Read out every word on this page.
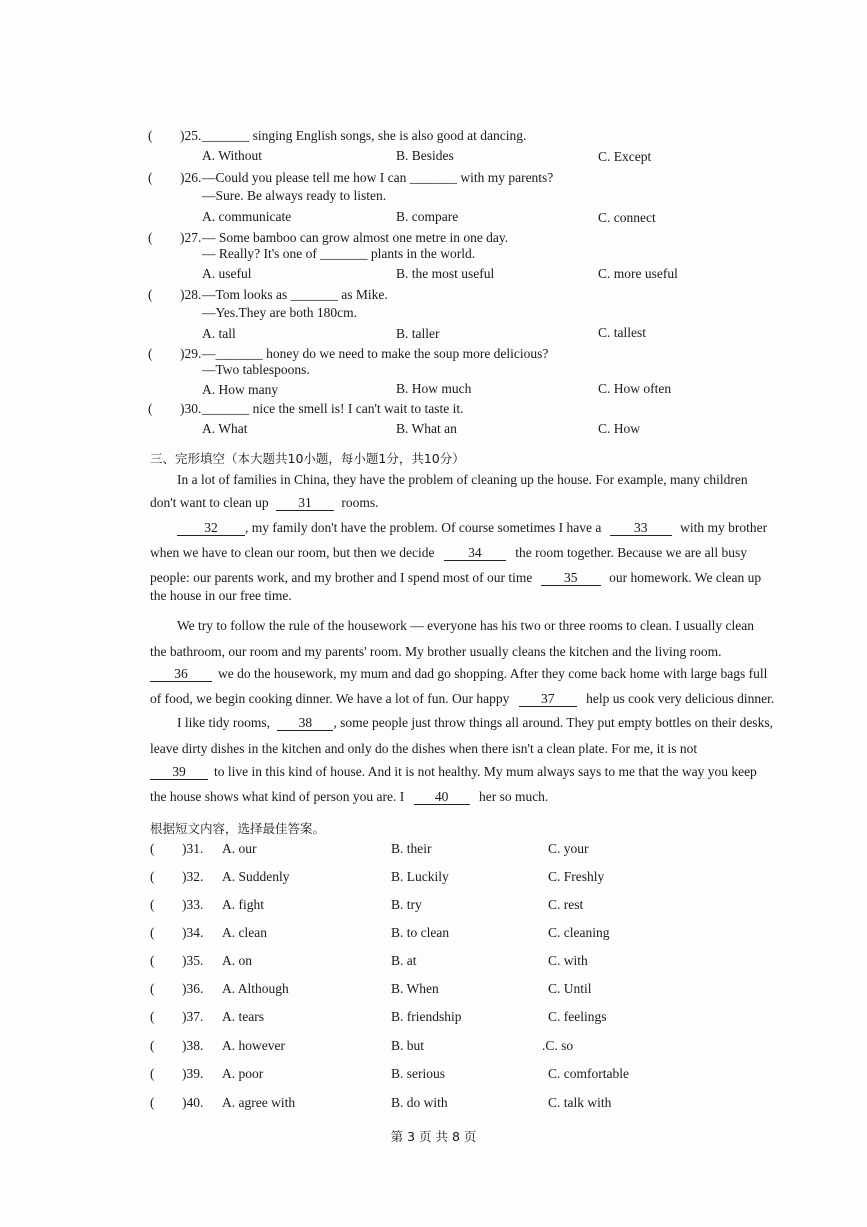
( )25. _______ singing English songs, she is also good at dancing.
A. Without	B. Besides	C. Except
( )26. —Could you please tell me how I can _______ with my parents?
—Sure. Be always ready to listen.
A. communicate	B. compare	C. connect
( )27. — Some bamboo can grow almost one metre in one day.
— Really? It's one of _______ plants in the world.
A. useful	B. the most useful	C. more useful
( )28. —Tom looks as _______ as Mike.
—Yes.They are both 180cm.
A. tall	B. taller	C. tallest
( )29. —_______ honey do we need to make the soup more delicious?
—Two tablespoons.
A. How many	B. How much	C. How often
( )30. _______ nice the smell is! I can't wait to taste it.
A. What	B. What an	C. How
三、完形填空（本大题共10小题，每小题1分，共10分）
In a lot of families in China, they have the problem of cleaning up the house. For example, many children
don't want to clean up 31 rooms.
32 , my family don't have the problem. Of course sometimes I have a 33 with my brother
when we have to clean our room, but then we decide 34 the room together. Because we are all busy
people: our parents work, and my brother and I spend most of our time 35 our homework. We clean up
the house in our free time.
We try to follow the rule of the housework — everyone has his two or three rooms to clean. I usually clean
the bathroom, our room and my parents' room. My brother usually cleans the kitchen and the living room.
36 we do the housework, my mum and dad go shopping. After they come back home with large bags full
of food, we begin cooking dinner. We have a lot of fun. Our happy 37 help us cook very delicious dinner.
I like tidy rooms, 38 , some people just throw things all around. They put empty bottles on their desks,
leave dirty dishes in the kitchen and only do the dishes when there isn't a clean plate. For me, it is not
39 to live in this kind of house. And it is not healthy. My mum always says to me that the way you keep
the house shows what kind of person you are. I 40 her so much.
根据短文内容，选择最佳答案。
( )31. A. our	B. their	C. your
( )32. A. Suddenly	B. Luckily	C. Freshly
( )33. A. fight	B. try	C. rest
( )34. A. clean	B. to clean	C. cleaning
( )35. A. on	B. at	C. with
( )36. A. Although	B. When	C. Until
( )37. A. tears	B. friendship	C. feelings
( )38. A. however	B. but	.C. so
( )39. A. poor	B. serious	C. comfortable
( )40. A. agree with	B. do with	C. talk with
第 3 页 共 8 页
